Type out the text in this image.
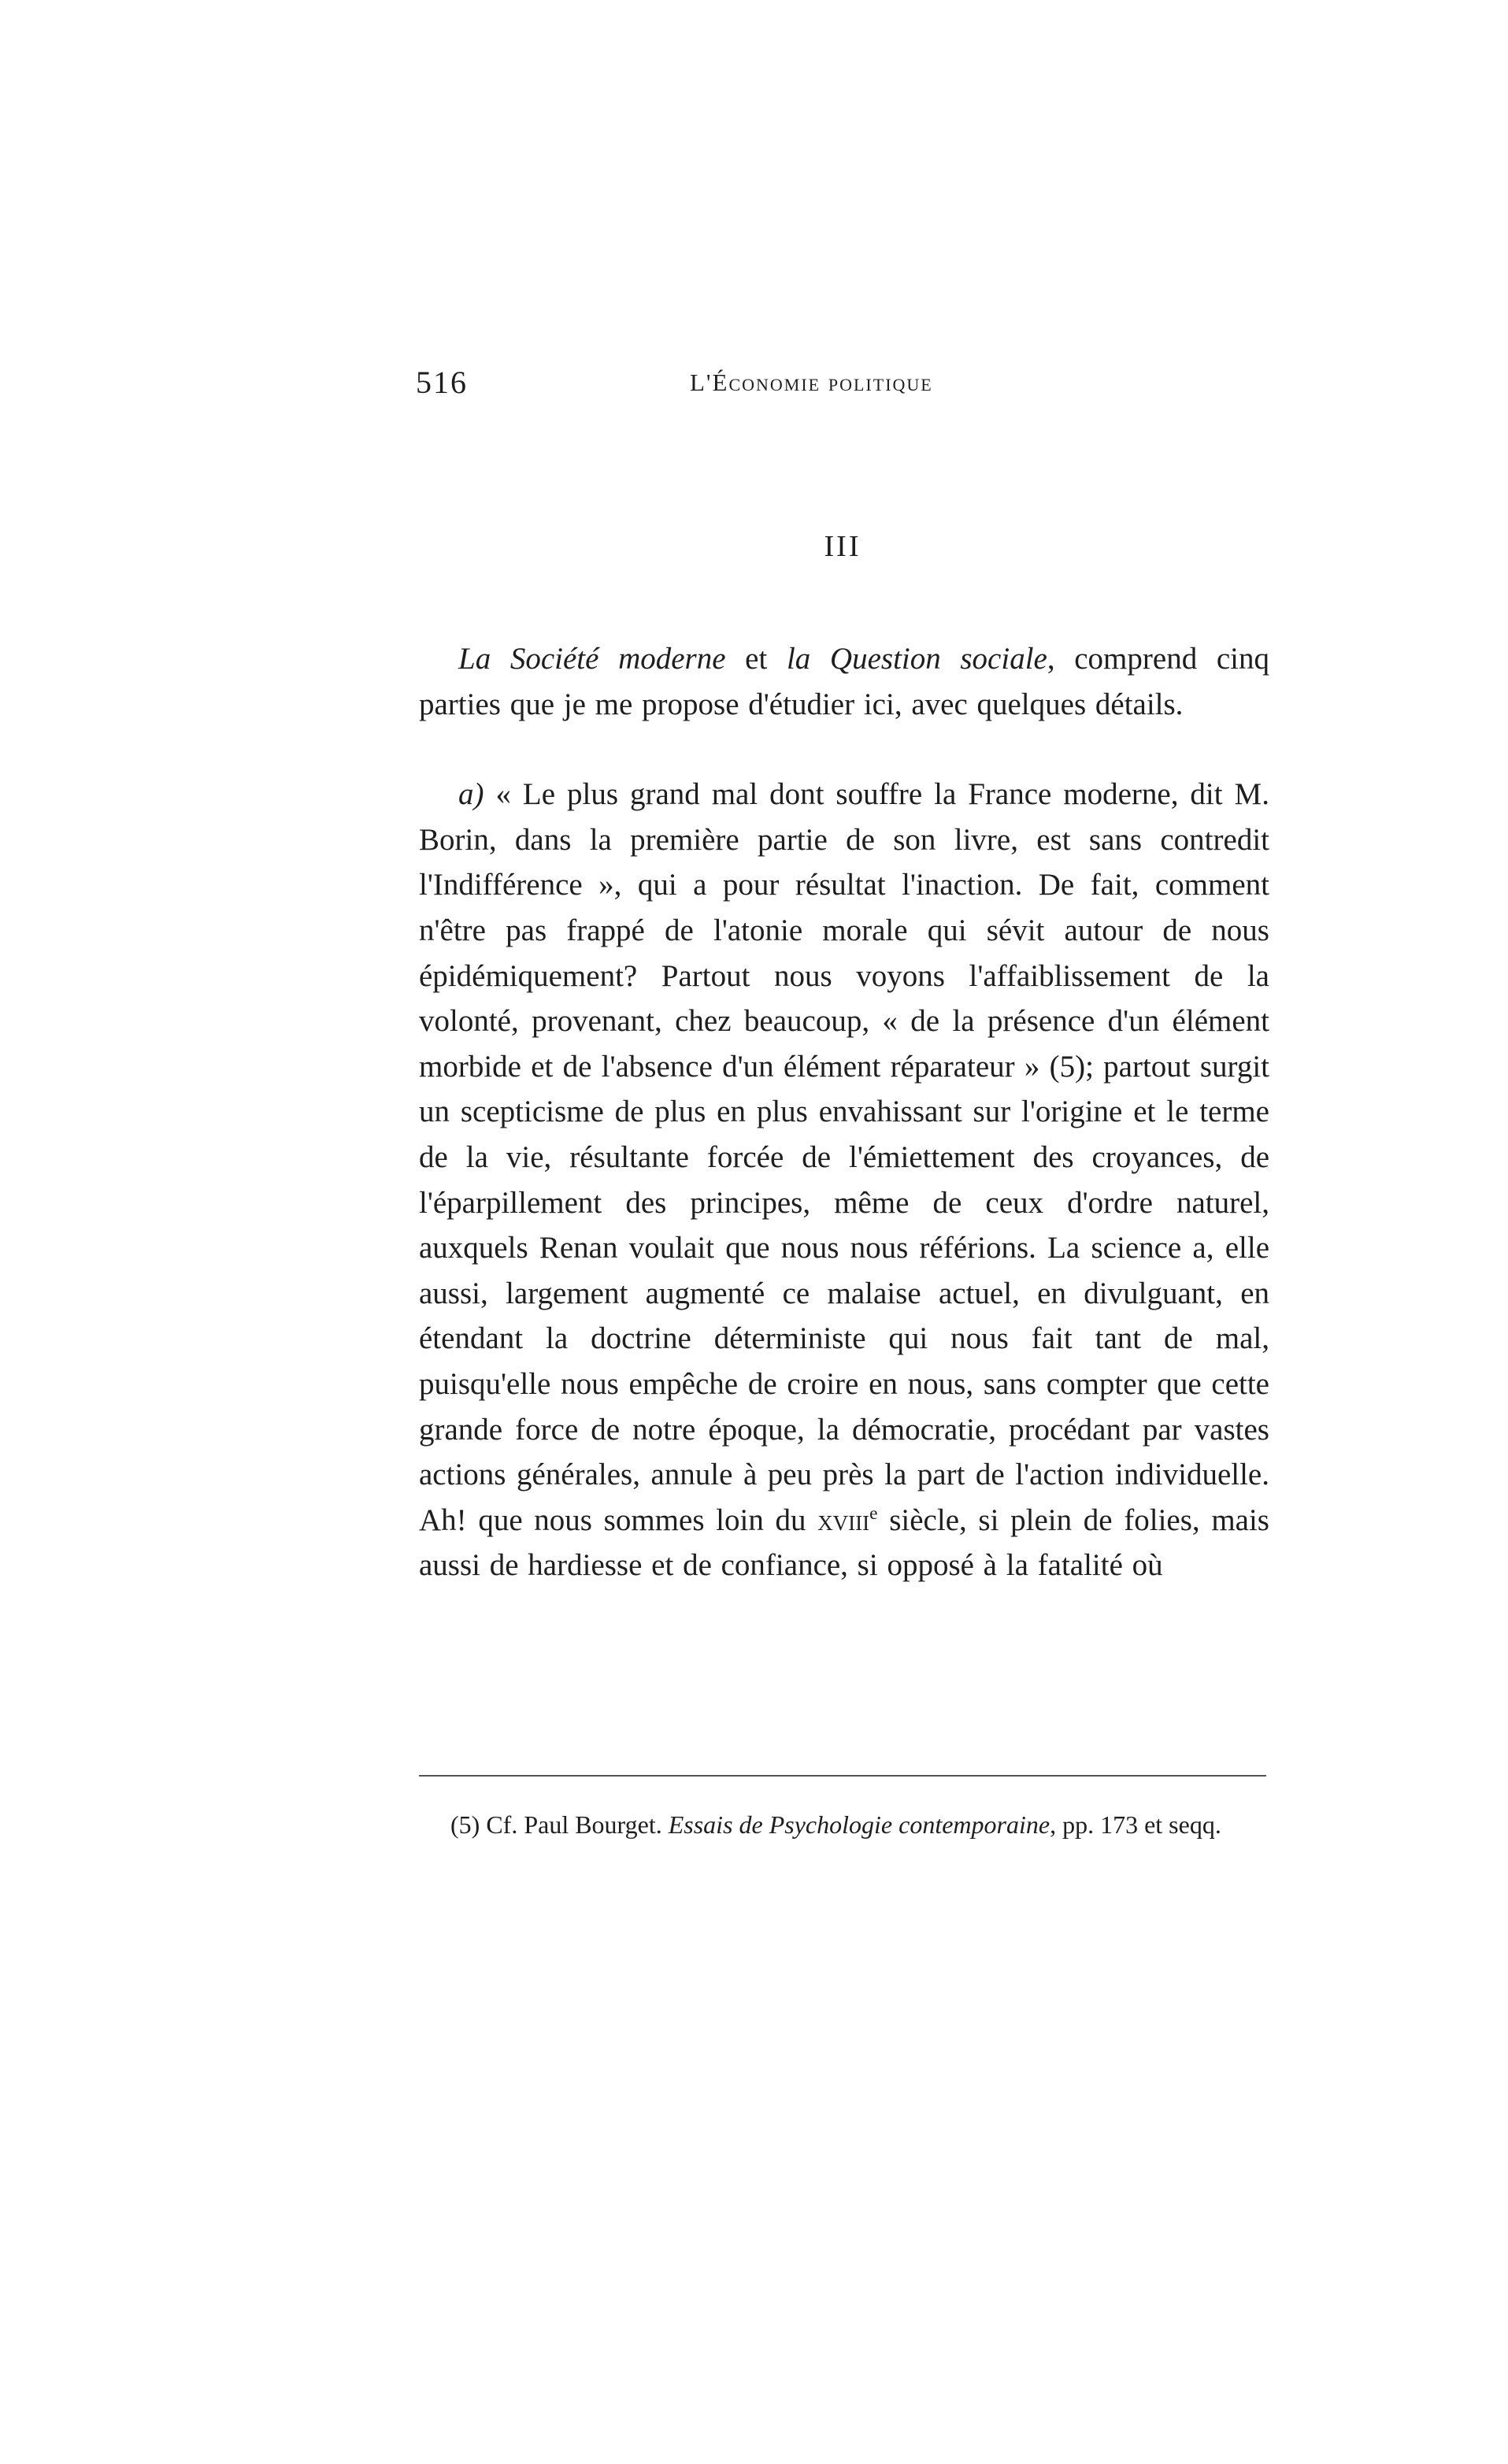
516	L'Économie politique
III

La Société moderne et la Question sociale, comprend cinq parties que je me propose d'étudier ici, avec quelques détails.

a) « Le plus grand mal dont souffre la France moderne, dit M. Borin, dans la première partie de son livre, est sans contredit l'Indifférence », qui a pour résultat l'inaction. De fait, comment n'être pas frappé de l'atonie morale qui sévit autour de nous épidémiquement? Partout nous voyons l'affaiblissement de la volonté, provenant, chez beaucoup, « de la présence d'un élément morbide et de l'absence d'un élément réparateur » (5); partout surgit un scepticisme de plus en plus envahissant sur l'origine et le terme de la vie, résultante forcée de l'émiettement des croyances, de l'éparpillement des principes, même de ceux d'ordre naturel, auxquels Renan voulait que nous nous référions. La science a, elle aussi, largement augmenté ce malaise actuel, en divulguant, en étendant la doctrine déterministe qui nous fait tant de mal, puisqu'elle nous empêche de croire en nous, sans compter que cette grande force de notre époque, la démocratie, procédant par vastes actions générales, annule à peu près la part de l'action individuelle. Ah! que nous sommes loin du xviii$^e$ siècle, si plein de folies, mais aussi de hardiesse et de confiance, si opposé à la fatalité où

(5) Cf. Paul Bourget. Essais de Psychologie contemporaine, pp. 173 et seqq.
